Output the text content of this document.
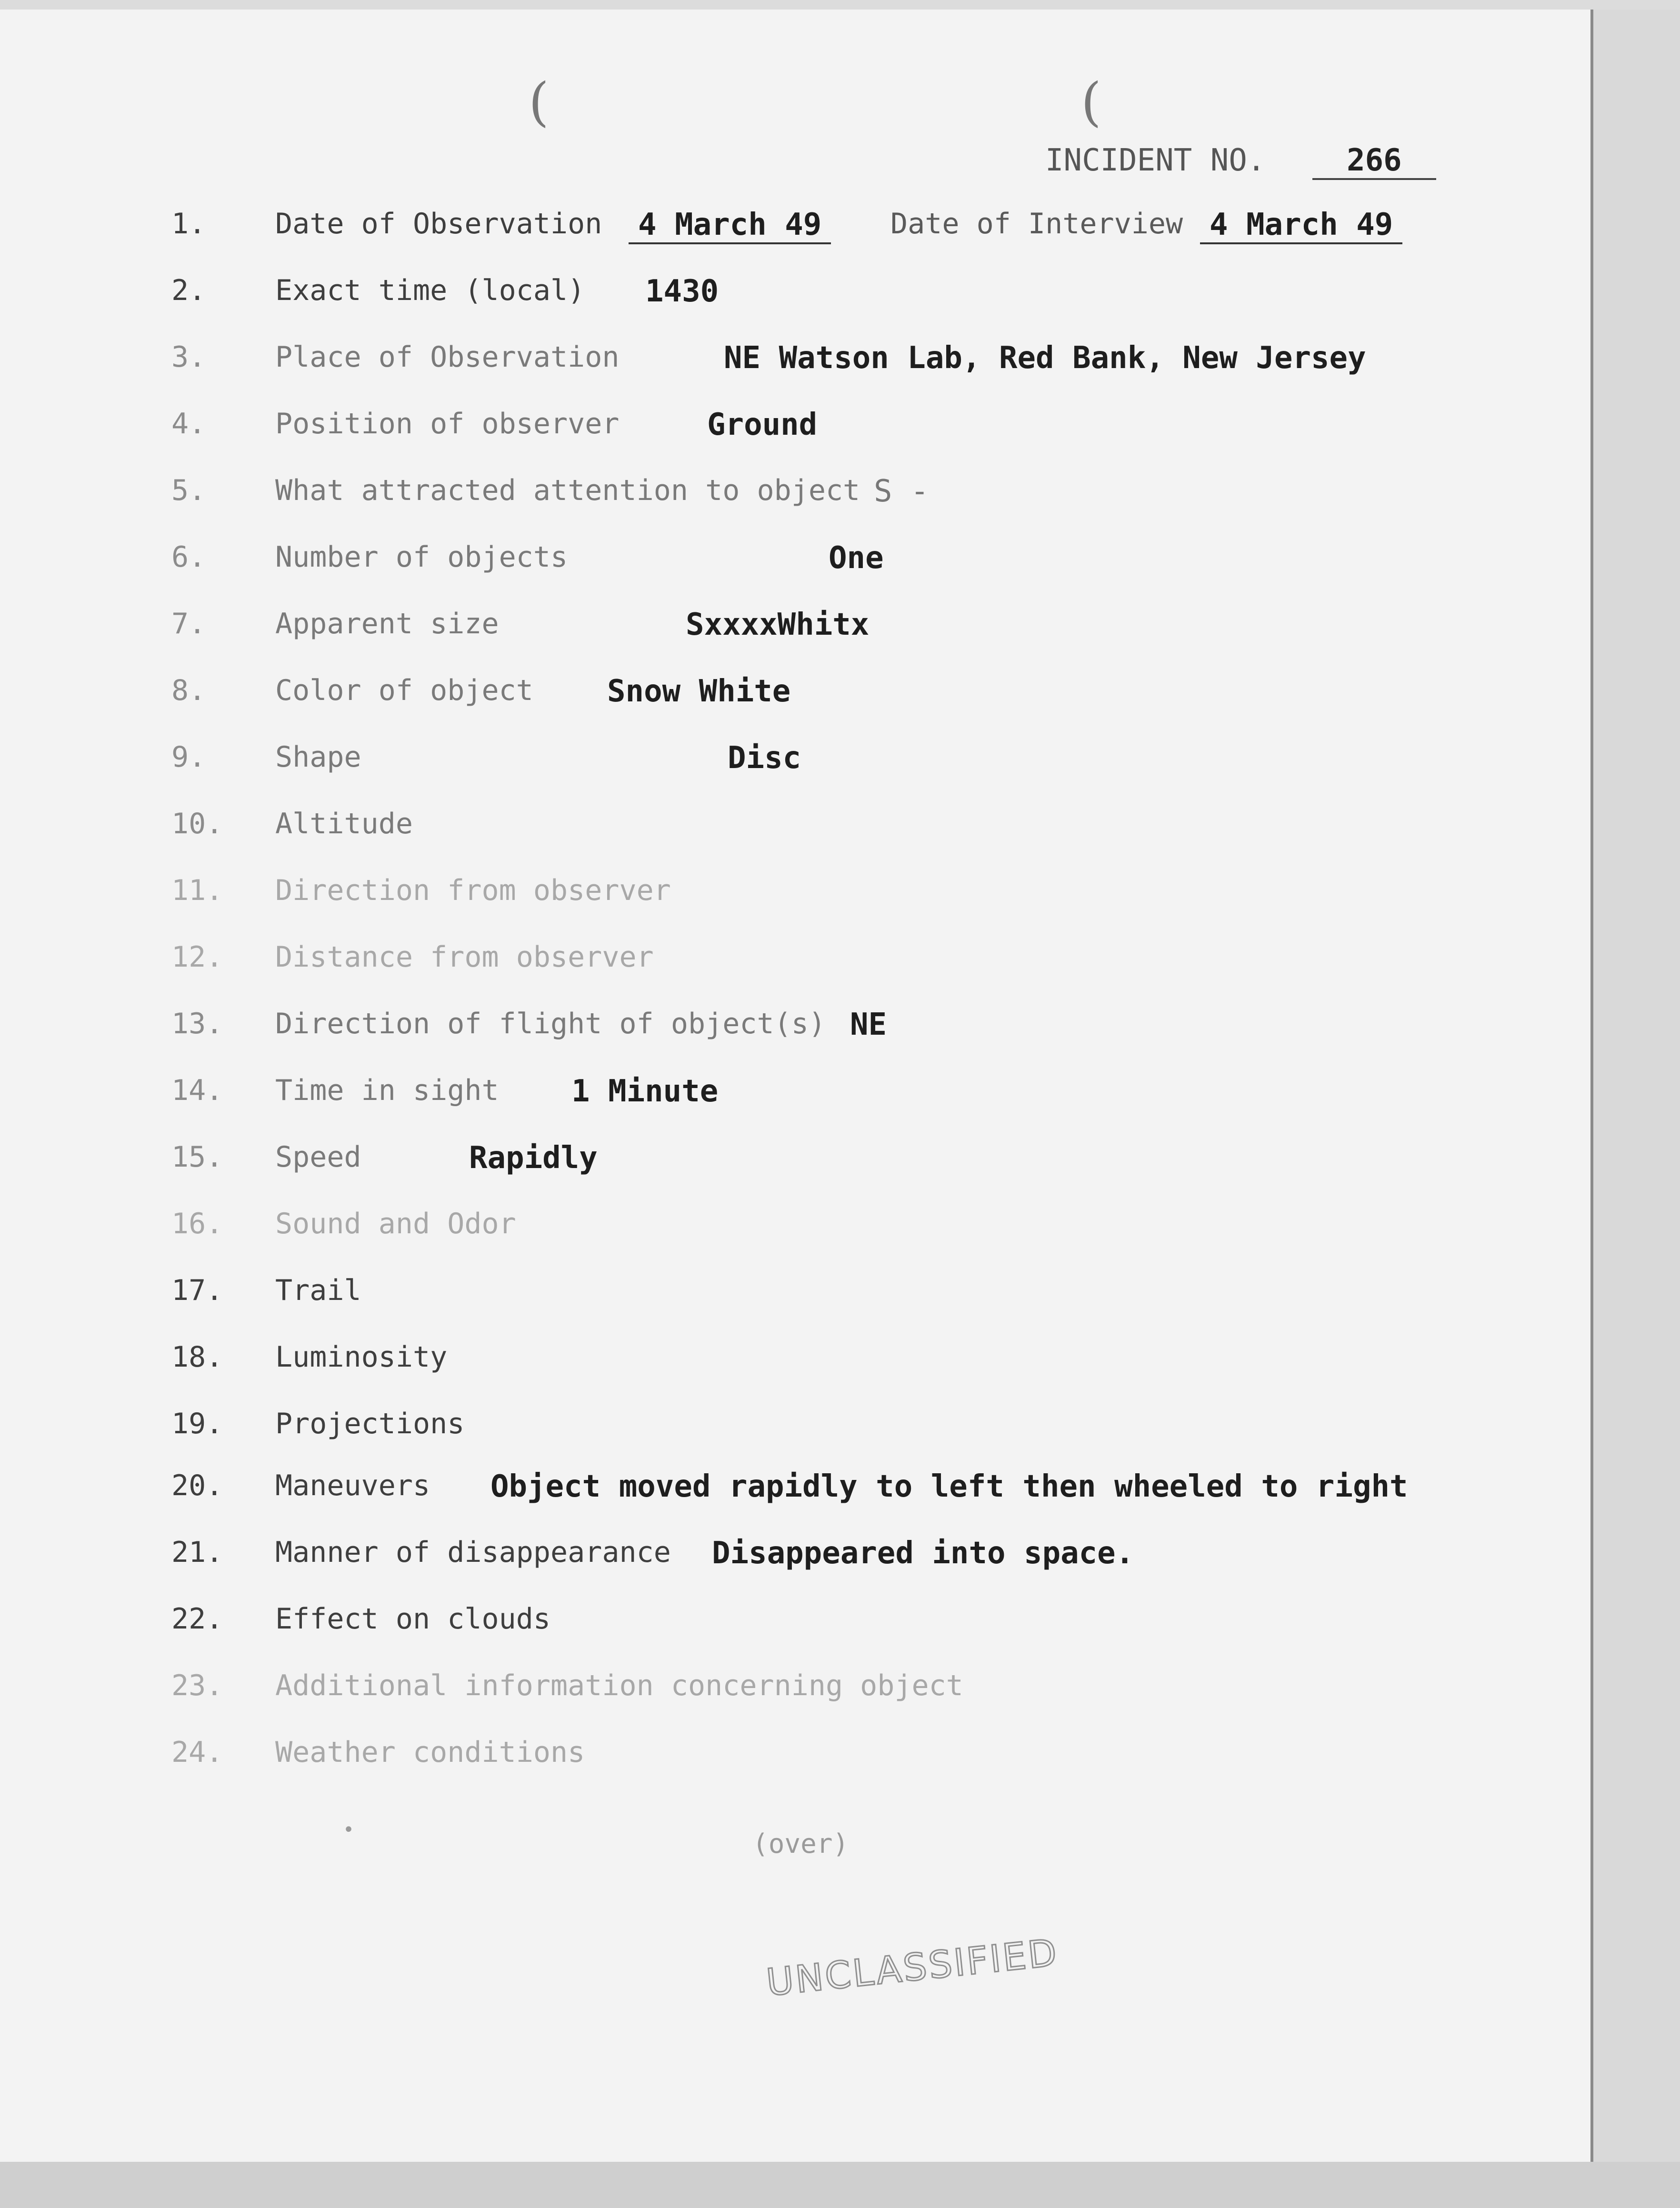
(	(
INCIDENT NO.	266
1. Date of Observation	4 March 49	Date of Interview 4 March 49
2. Exact time (local) 1430
3. Place of Observation	NE Watson Lab, Red Bank, New Jersey
4. Position of observer	Ground
5. What attracted attention to object S -
6. Number of objects	One
7. Apparent size	SxxxxWhitx
8. Color of object Snow White
9. Shape	Disc
10. Altitude
11. Direction from observer
12. Distance from observer
13. Direction of flight of object(s) NE
14. Time in sight 1 Minute
15. Speed	Rapidly
16. Sound and Odor
17. Trail
18. Luminosity
19. Projections
20. Maneuvers Object moved rapidly to left then wheeled to right
21. Manner of disappearance Disappeared into space.
22. Effect on clouds
23. Additional information concerning object
24. Weather conditions
•	(over)
UNCLASSIFIED
